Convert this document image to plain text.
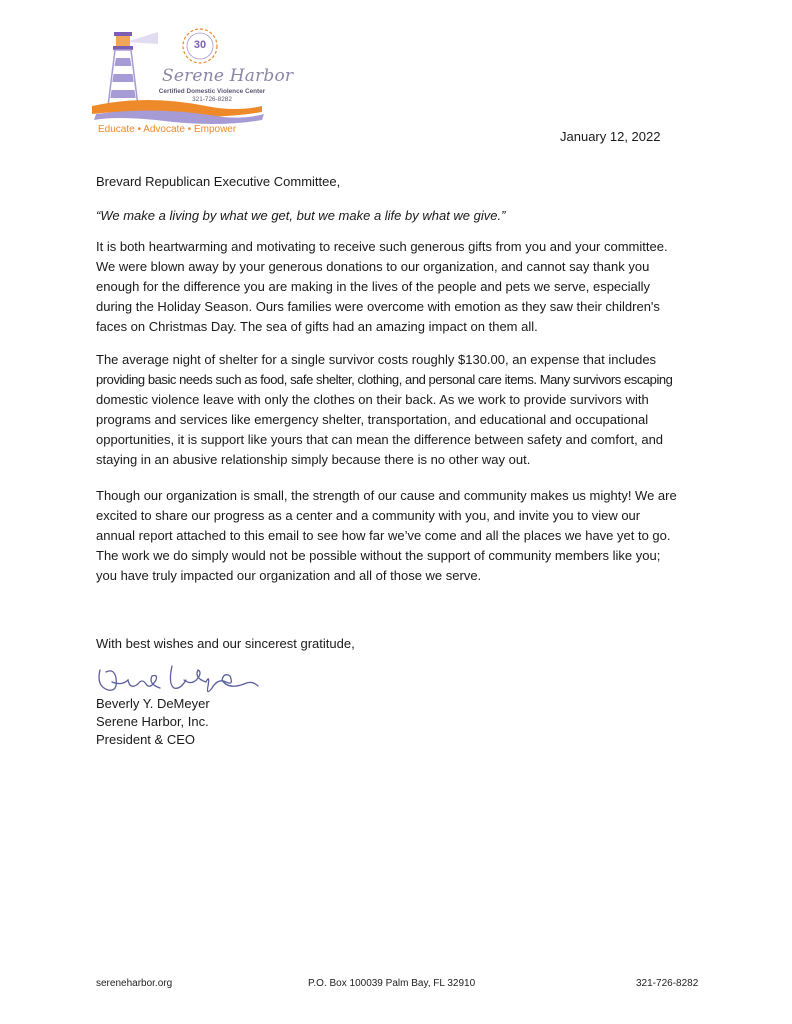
30
Serene Harbor
Certified Domestic Violence Center
321-726-8282
Educate • Advocate • Empower	January 12, 2022
Brevard Republican Executive Committee,
“We make a living by what we get, but we make a life by what we give.”
It is both heartwarming and motivating to receive such generous gifts from you and your committee.
We were blown away by your generous donations to our organization, and cannot say thank you
enough for the difference you are making in the lives of the people and pets we serve, especially
during the Holiday Season. Ours families were overcome with emotion as they saw their children's
faces on Christmas Day. The sea of gifts had an amazing impact on them all.
The average night of shelter for a single survivor costs roughly $130.00, an expense that includes
providing basic needs such as food, safe shelter, clothing, and personal care items. Many survivors escaping
domestic violence leave with only the clothes on their back. As we work to provide survivors with
programs and services like emergency shelter, transportation, and educational and occupational
opportunities, it is support like yours that can mean the difference between safety and comfort, and
staying in an abusive relationship simply because there is no other way out.
Though our organization is small, the strength of our cause and community makes us mighty! We are
excited to share our progress as a center and a community with you, and invite you to view our
annual report attached to this email to see how far we’ve come and all the places we have yet to go.
The work we do simply would not be possible without the support of community members like you;
you have truly impacted our organization and all of those we serve.
With best wishes and our sincerest gratitude,
Beverly Y. DeMeyer
Serene Harbor, Inc.
President & CEO
sereneharbor.org	P.O. Box 100039 Palm Bay, FL 32910	321-726-8282
